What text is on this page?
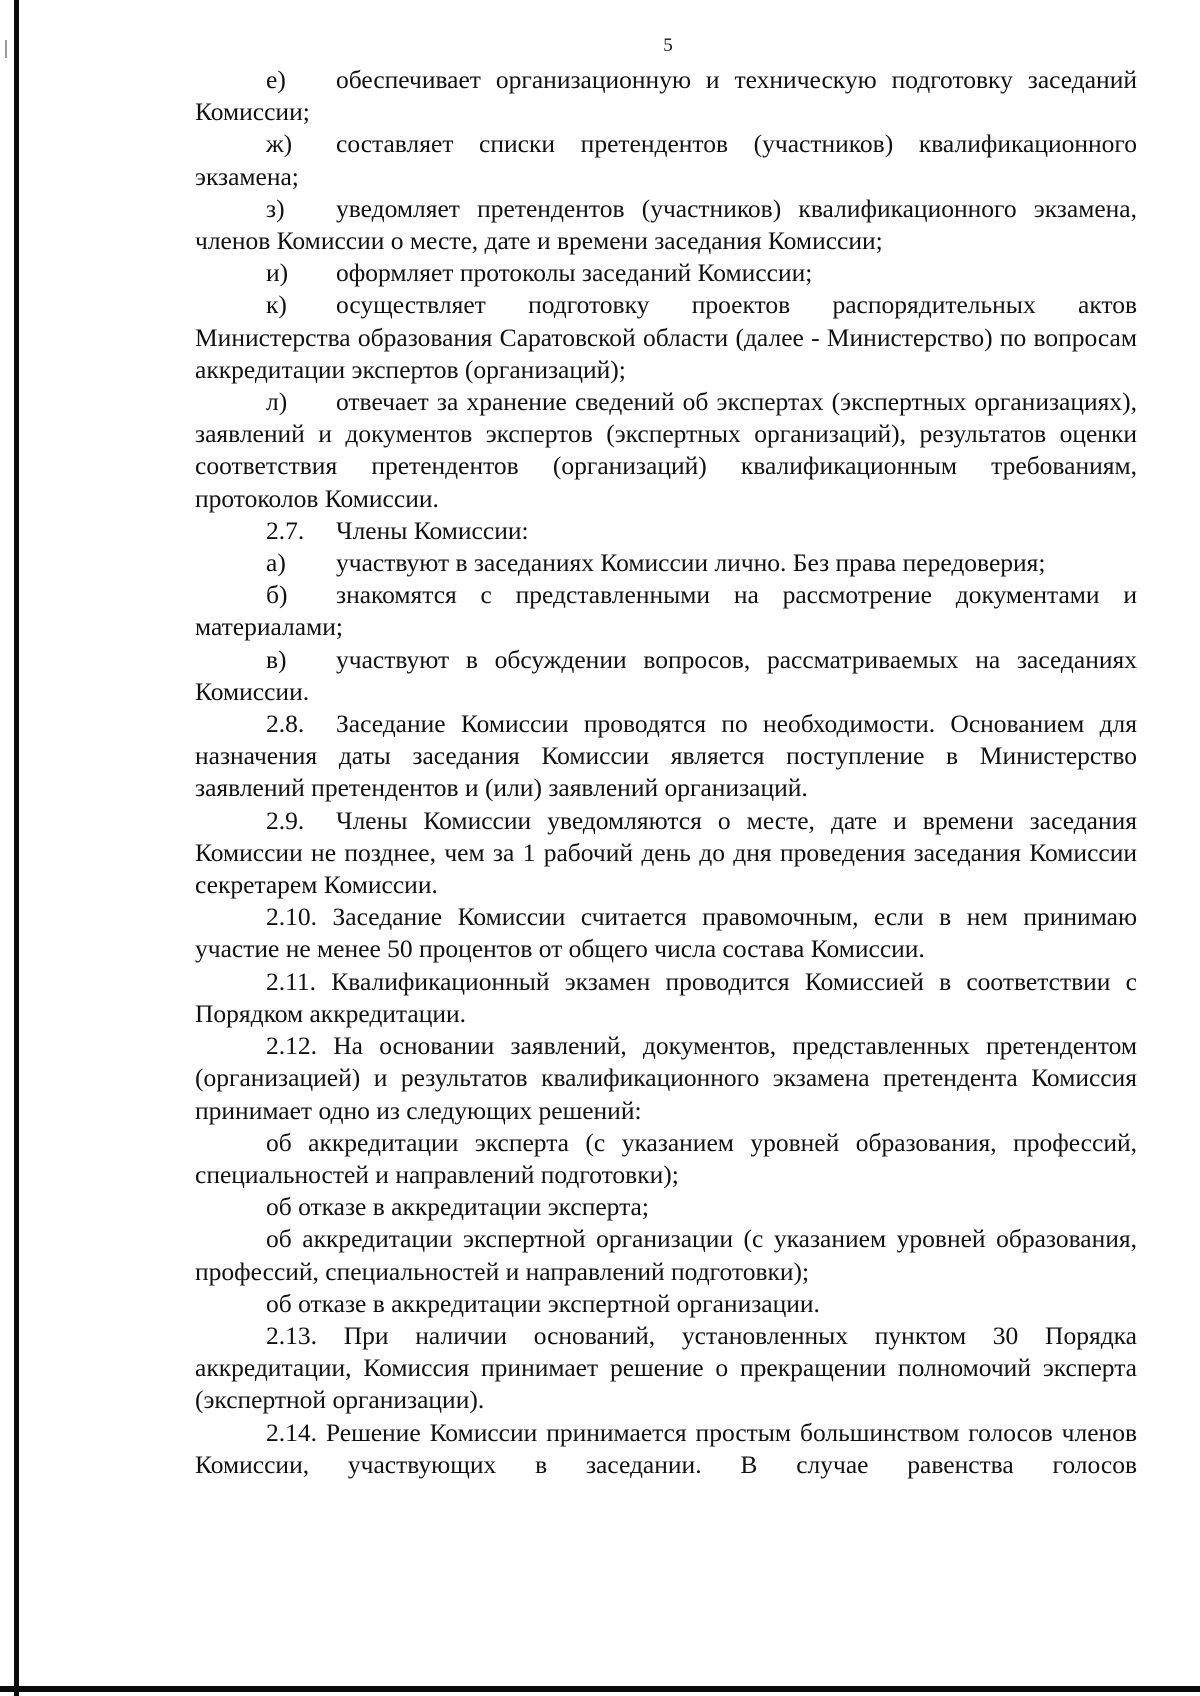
5

е) обеспечивает организационную и техническую подготовку заседаний Комиссии;

ж) составляет списки претендентов (участников) квалификационного экзамена;

з) уведомляет претендентов (участников) квалификационного экзамена, членов Комиссии о месте, дате и времени заседания Комиссии;

и) оформляет протоколы заседаний Комиссии;

к) осуществляет подготовку проектов распорядительных актов Министерства образования Саратовской области (далее - Министерство) по вопросам аккредитации экспертов (организаций);

л) отвечает за хранение сведений об экспертах (экспертных организациях), заявлений и документов экспертов (экспертных организаций), результатов оценки соответствия претендентов (организаций) квалификационным требованиям, протоколов Комиссии.

2.7. Члены Комиссии:

а) участвуют в заседаниях Комиссии лично. Без права передоверия;

б) знакомятся с представленными на рассмотрение документами и материалами;

в) участвуют в обсуждении вопросов, рассматриваемых на заседаниях Комиссии.

2.8. Заседание Комиссии проводятся по необходимости. Основанием для назначения даты заседания Комиссии является поступление в Министерство заявлений претендентов и (или) заявлений организаций.

2.9. Члены Комиссии уведомляются о месте, дате и времени заседания Комиссии не позднее, чем за 1 рабочий день до дня проведения заседания Комиссии секретарем Комиссии.

2.10. Заседание Комиссии считается правомочным, если в нем принимаю участие не менее 50 процентов от общего числа состава Комиссии.

2.11. Квалификационный экзамен проводится Комиссией в соответствии с Порядком аккредитации.

2.12. На основании заявлений, документов, представленных претендентом (организацией) и результатов квалификационного экзамена претендента Комиссия принимает одно из следующих решений:

об аккредитации эксперта (с указанием уровней образования, профессий, специальностей и направлений подготовки);

об отказе в аккредитации эксперта;

об аккредитации экспертной организации (с указанием уровней образования, профессий, специальностей и направлений подготовки);

об отказе в аккредитации экспертной организации.

2.13. При наличии оснований, установленных пунктом 30 Порядка аккредитации, Комиссия принимает решение о прекращении полномочий эксперта (экспертной организации).

2.14. Решение Комиссии принимается простым большинством голосов членов Комиссии, участвующих в заседании. В случае равенства голосов
